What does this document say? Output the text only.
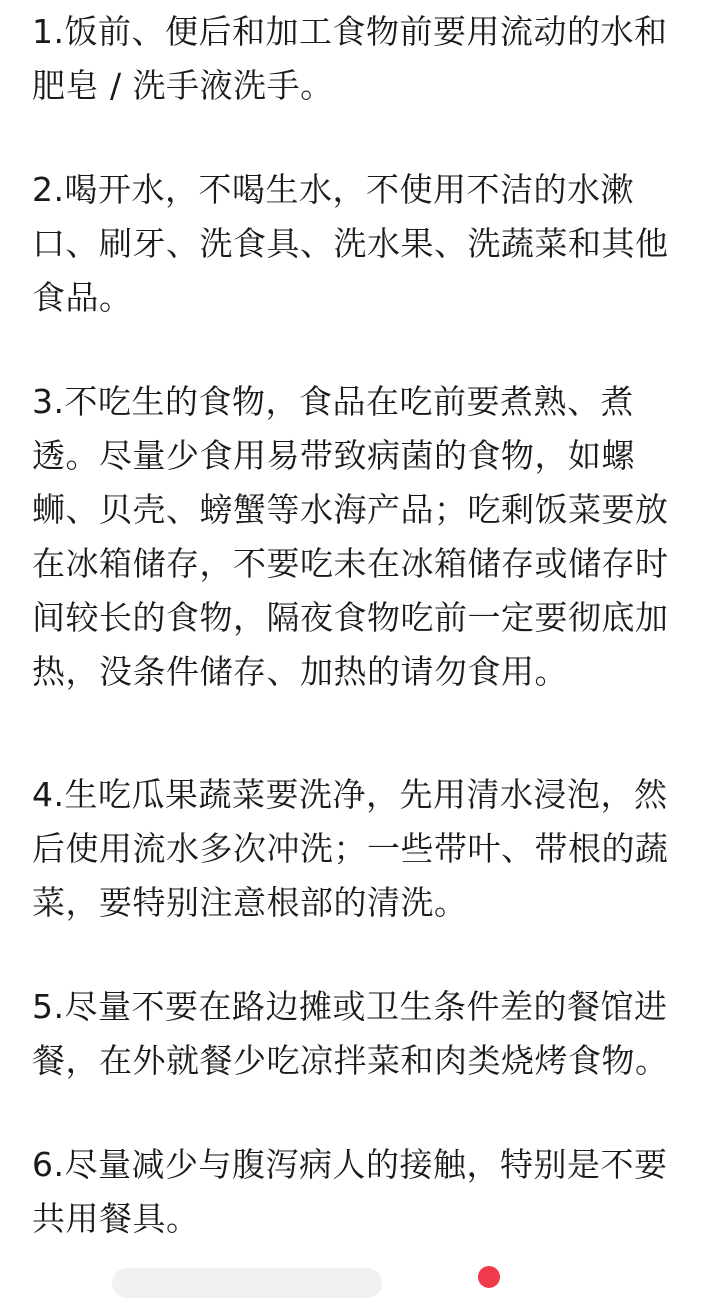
1.饭前、便后和加工食物前要用流动的水和肥皂 / 洗手液洗手。

2.喝开水，不喝生水，不使用不洁的水漱口、刷牙、洗食具、洗水果、洗蔬菜和其他食品。

3.不吃生的食物，食品在吃前要煮熟、煮透。尽量少食用易带致病菌的食物，如螺蛳、贝壳、螃蟹等水海产品；吃剩饭菜要放在冰箱储存，不要吃未在冰箱储存或储存时间较长的食物，隔夜食物吃前一定要彻底加热，没条件储存、加热的请勿食用。

4.生吃瓜果蔬菜要洗净，先用清水浸泡，然后使用流水多次冲洗；一些带叶、带根的蔬菜，要特别注意根部的清洗。

5.尽量不要在路边摊或卫生条件差的餐馆进餐，在外就餐少吃凉拌菜和肉类烧烤食物。

6.尽量减少与腹泻病人的接触，特别是不要共用餐具。
